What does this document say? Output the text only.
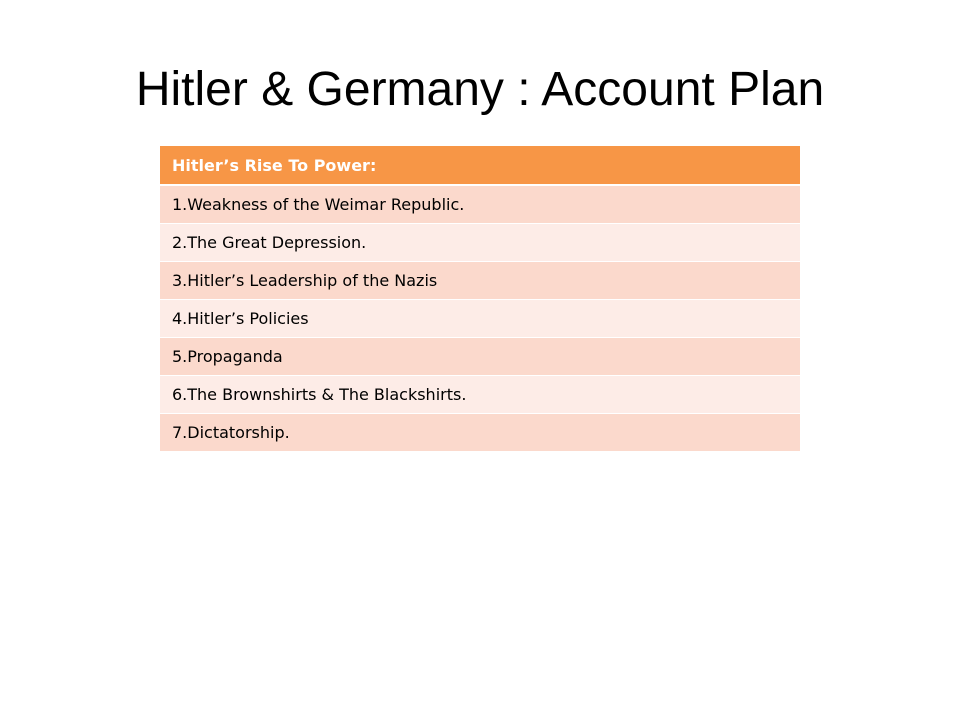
Hitler & Germany : Account Plan
Hitler’s Rise To Power:
1.Weakness of the Weimar Republic.
2.The Great Depression.
3.Hitler’s Leadership of the Nazis
4.Hitler’s Policies
5.Propaganda
6.The Brownshirts & The Blackshirts.
7.Dictatorship.
